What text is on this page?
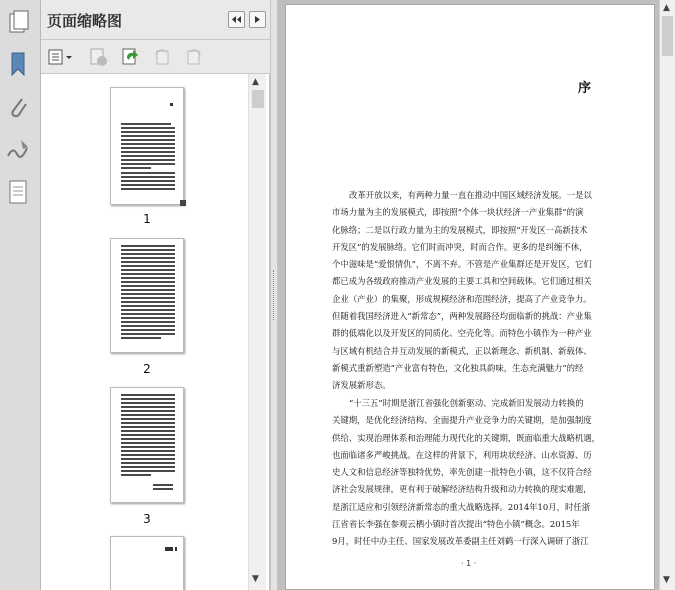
页面缩略图
1
2
3
▲
▼
序
改革开放以来，有两种力量一直在推动中国区域经济发展。一是以
市场力量为主的发展模式，即按照“个体一块状经济一产业集群”的演
化脉络；二是以行政力量为主的发展模式，即按照“开发区一高新技术
开发区”的发展脉络。它们时而冲突，时而合作。更多的是纠缠不休，
个中滋味是“爱恨情仇”，不离不弃。不管是产业集群还是开发区，它们
都已成为各级政府推动产业发展的主要工具和空间载体。它们通过相关
企业（产业）的集聚，形成规模经济和范围经济，提高了产业竞争力。
但随着我国经济进入“新常态”，两种发展路径均面临新的挑战：产业集
群的低端化以及开发区的同质化、空壳化等。而特色小镇作为一种产业
与区域有机结合并互动发展的新模式，正以新理念、新机制、新载体、
新模式重新塑造“产业富有特色，文化独具韵味，生态充满魅力”的经
济发展新形态。
“十三五”时期是浙江省强化创新驱动、完成新旧发展动力转换的
关键期，是优化经济结构、全面提升产业竞争力的关键期，是加强制度
供给、实现治理体系和治理能力现代化的关键期，既面临重大战略机遇，
也面临诸多严峻挑战。在这样的背景下，利用块状经济、山水资源、历
史人文和信息经济等独特优势，率先创建一批特色小镇，这不仅符合经
济社会发展规律，更有利于破解经济结构升级和动力转换的现实难题，
是浙江适应和引领经济新常态的重大战略选择。2014年10月，时任浙
江省省长李强在参观云栖小镇时首次提出“特色小镇”概念。2015年
9月，时任中办主任、国家发展改革委副主任刘鹤一行深入调研了浙江
· 1 ·
▲
▼
